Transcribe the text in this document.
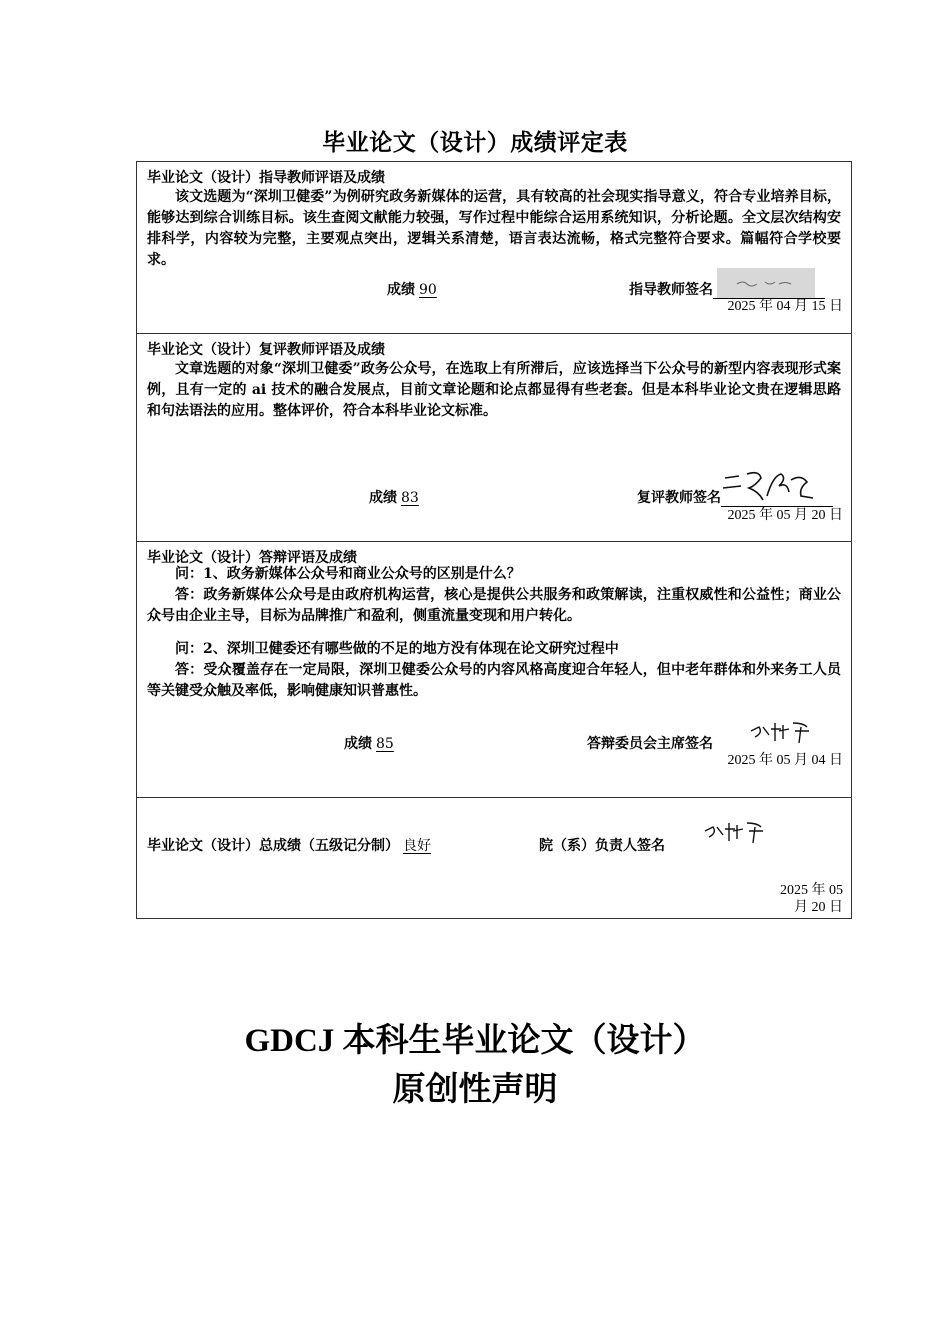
毕业论文（设计）成绩评定表
毕业论文（设计）指导教师评语及成绩
该文选题为“深圳卫健委”为例研究政务新媒体的运营，具有较高的社会现实指导意义，符合专业培养目标，能够达到综合训练目标。该生查阅文献能力较强，写作过程中能综合运用系统知识，分析论题。全文层次结构安排科学，内容较为完整，主要观点突出，逻辑关系清楚，语言表达流畅，格式完整符合要求。篇幅符合学校要求。
成绩 90	指导教师签名
2025 年 04 月 15 日
毕业论文（设计）复评教师评语及成绩
文章选题的对象“深圳卫健委”政务公众号，在选取上有所滞后，应该选择当下公众号的新型内容表现形式案例，且有一定的 ai 技术的融合发展点，目前文章论题和论点都显得有些老套。但是本科毕业论文贵在逻辑思路和句法语法的应用。整体评价，符合本科毕业论文标准。
成绩 83	复评教师签名
2025 年 05 月 20 日
毕业论文（设计）答辩评语及成绩
问：1、政务新媒体公众号和商业公众号的区别是什么？
答：政务新媒体公众号是由政府机构运营，核心是提供公共服务和政策解读，注重权威性和公益性；商业公众号由企业主导，目标为品牌推广和盈利，侧重流量变现和用户转化。
问：2、深圳卫健委还有哪些做的不足的地方没有体现在论文研究过程中
答：受众覆盖存在一定局限，深圳卫健委公众号的内容风格高度迎合年轻人，但中老年群体和外来务工人员等关键受众触及率低，影响健康知识普惠性。
成绩 85	答辩委员会主席签名
2025 年 05 月 04 日
毕业论文（设计）总成绩（五级记分制） 良好	院（系）负责人签名
2025 年 05
月 20 日
GDCJ 本科生毕业论文（设计）
原创性声明
